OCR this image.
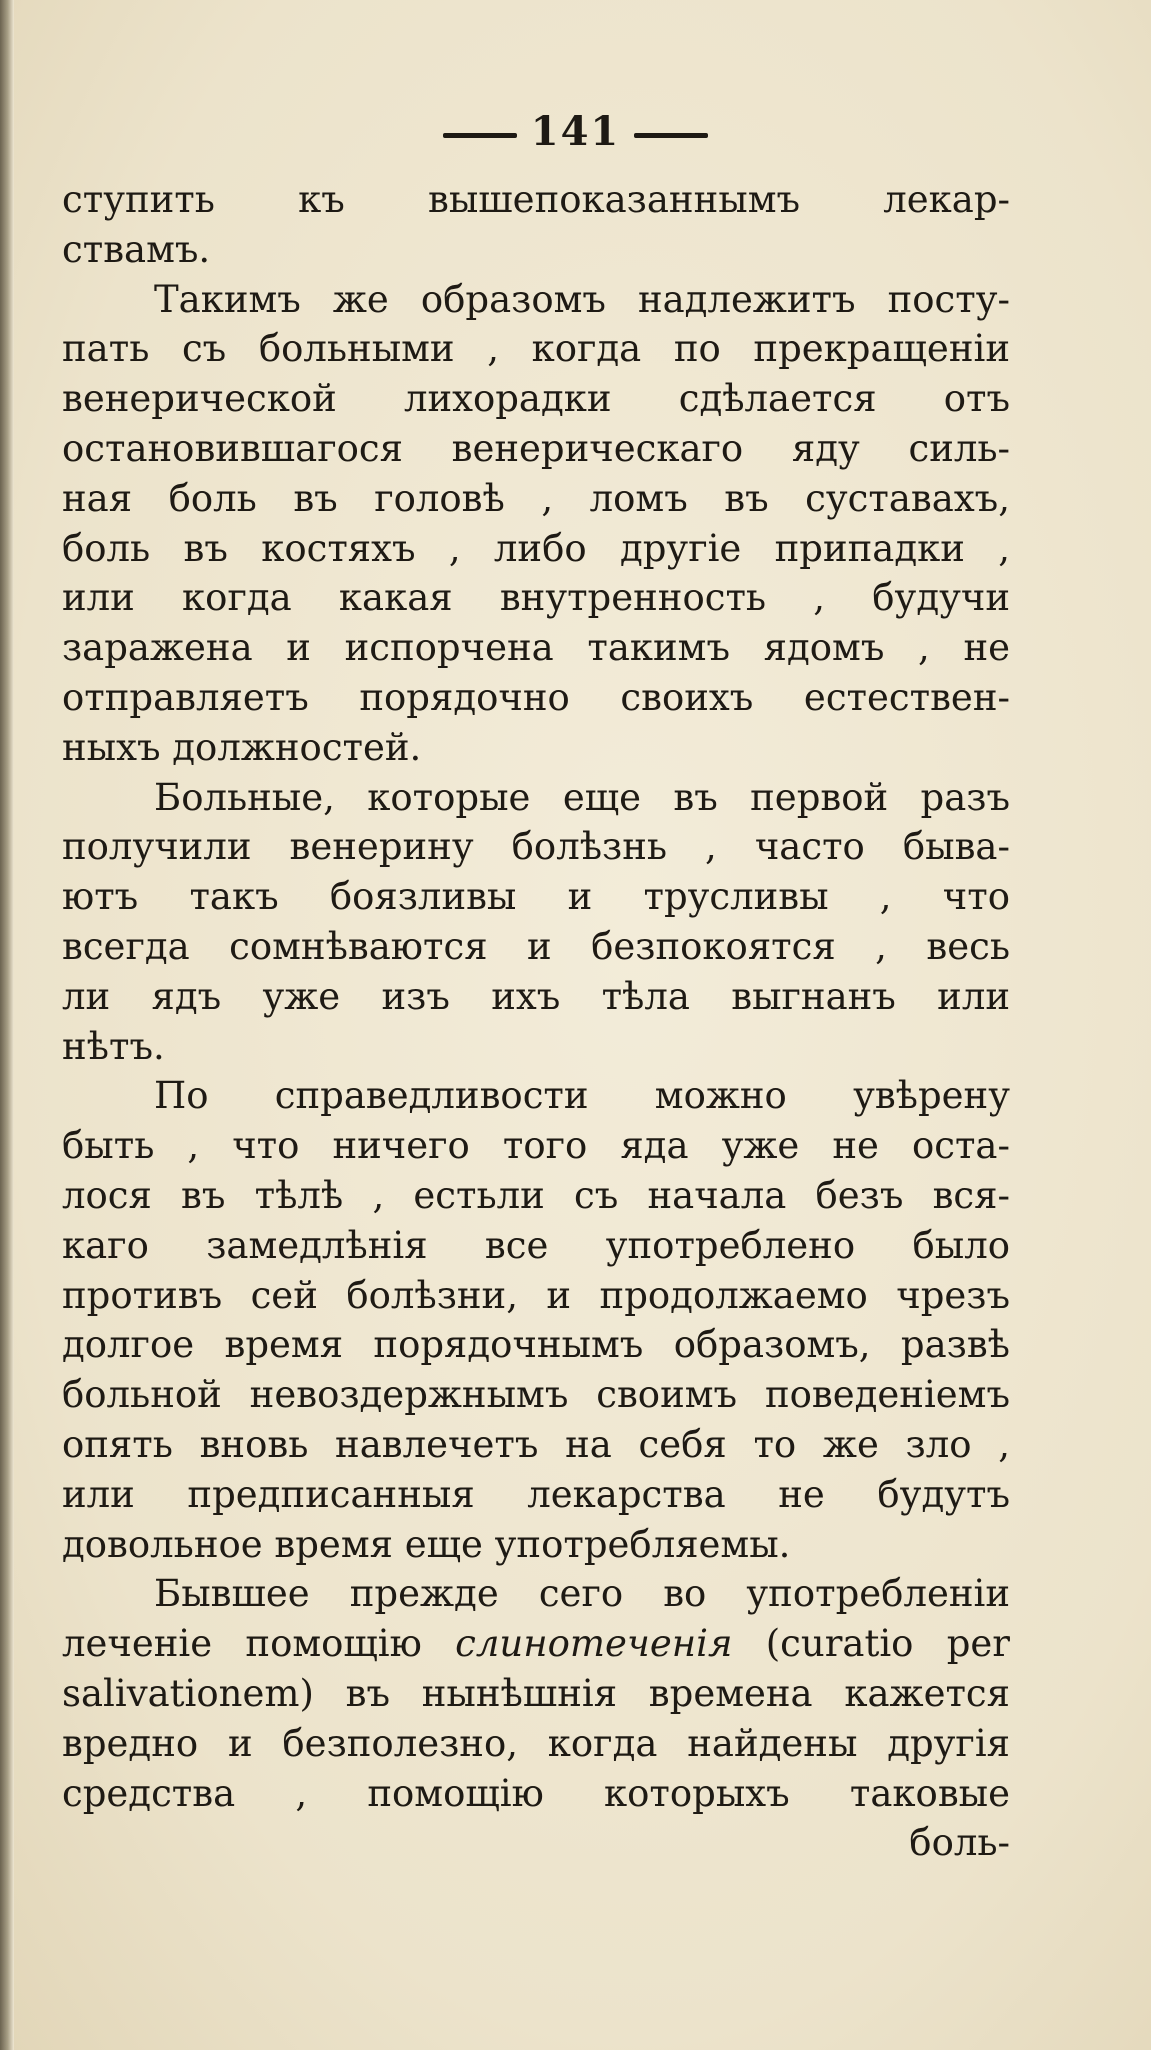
141
ступить къ вышепоказаннымъ лекар-
ствамъ.
Такимъ же образомъ надлежитъ посту-
пать съ больными , когда по прекращенiи
венерической лихорадки сдѣлается отъ
остановившагося венерическаго яду силь-
ная боль въ головѣ , ломъ въ суставахъ,
боль въ костяхъ , либо другiе припадки ,
или когда какая внутренность , будучи
заражена и испорчена такимъ ядомъ , не
отправляетъ порядочно своихъ естествен-
ныхъ должностей.
Больные, которые еще въ первой разъ
получили венерину болѣзнь , часто быва-
ютъ такъ боязливы и трусливы , что
всегда сомнѣваются и безпокоятся , весь
ли ядъ уже изъ ихъ тѣла выгнанъ или
нѣтъ.
По справедливости можно увѣрену
быть , что ничего того яда уже не оста-
лося въ тѣлѣ , естьли съ начала безъ вся-
каго замедлѣнiя все употреблено было
противъ сей болѣзни, и продолжаемо чрезъ
долгое время порядочнымъ образомъ, развѣ
больной невоздержнымъ своимъ поведенiемъ
опять вновь навлечетъ на себя то же зло ,
или предписанныя лекарства не будутъ
довольное время еще употребляемы.
Бывшее прежде сего во употребленiи
леченiе помощiю слинотеченiя (curatio per
salivationem) въ нынѣшнiя времена кажется
вредно и безполезно, когда найдены другiя
средства , помощiю которыхъ таковые
боль-
